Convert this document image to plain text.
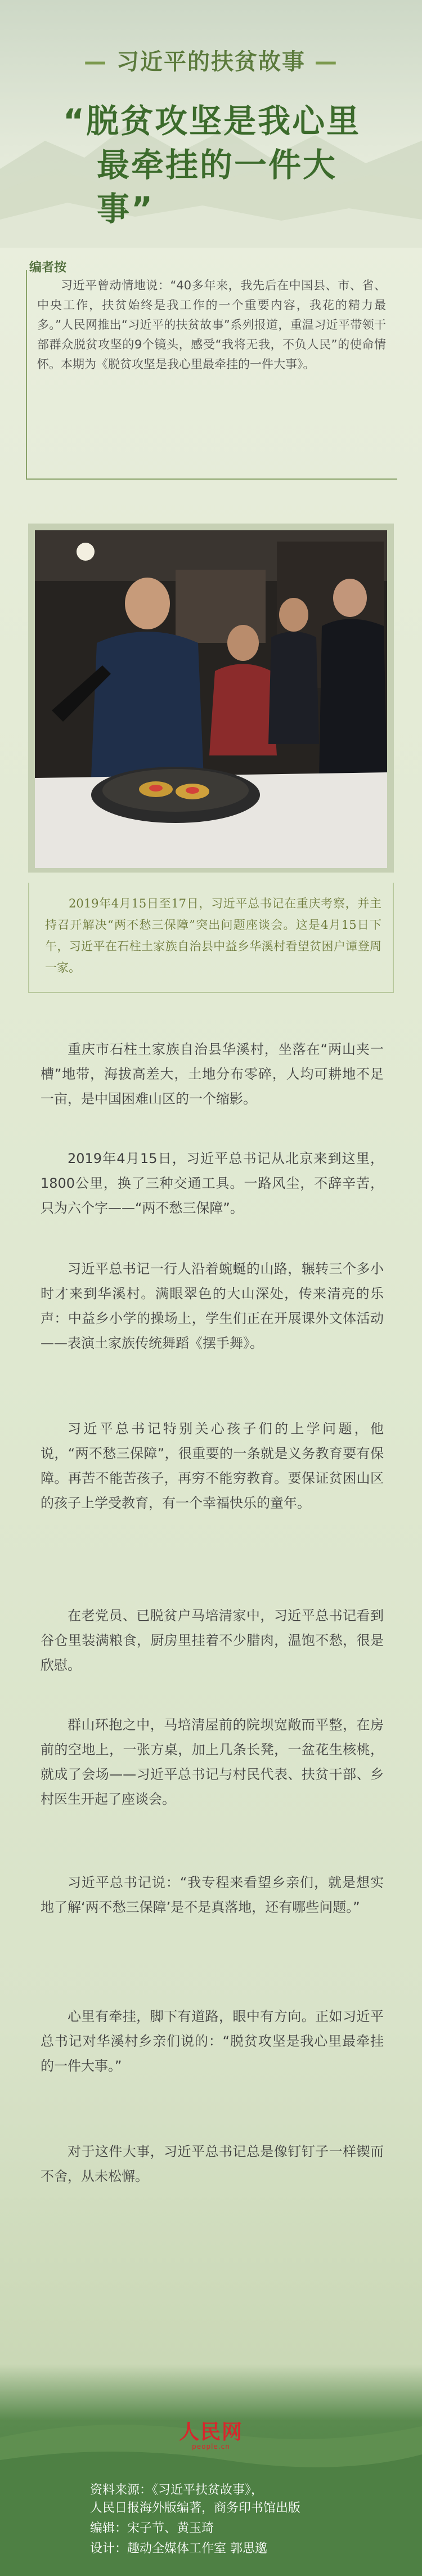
— 习近平的扶贫故事 —
“脱贫攻坚是我心里
最牵挂的一件大事”
编者按
习近平曾动情地说：“40多年来，我先后在中国县、市、省、中央工作，扶贫始终是我工作的一个重要内容，我花的精力最多。”人民网推出“习近平的扶贫故事”系列报道，重温习近平带领干部群众脱贫攻坚的9个镜头，感受“我将无我，不负人民”的使命情怀。本期为《脱贫攻坚是我心里最牵挂的一件大事》。
2019年4月15日至17日，习近平总书记在重庆考察，并主持召开解决“两不愁三保障”突出问题座谈会。这是4月15日下午，习近平在石柱土家族自治县中益乡华溪村看望贫困户谭登周一家。
重庆市石柱土家族自治县华溪村，坐落在“两山夹一槽”地带，海拔高差大，土地分布零碎，人均可耕地不足一亩，是中国困难山区的一个缩影。
2019年4月15日，习近平总书记从北京来到这里，1800公里，换了三种交通工具。一路风尘，不辞辛苦，只为六个字——“两不愁三保障”。
习近平总书记一行人沿着蜿蜒的山路，辗转三个多小时才来到华溪村。满眼翠色的大山深处，传来清亮的乐声：中益乡小学的操场上，学生们正在开展课外文体活动——表演土家族传统舞蹈《摆手舞》。
习近平总书记特别关心孩子们的上学问题，他说，“两不愁三保障”，很重要的一条就是义务教育要有保障。再苦不能苦孩子，再穷不能穷教育。要保证贫困山区的孩子上学受教育，有一个幸福快乐的童年。
在老党员、已脱贫户马培清家中，习近平总书记看到谷仓里装满粮食，厨房里挂着不少腊肉，温饱不愁，很是欣慰。
群山环抱之中，马培清屋前的院坝宽敞而平整，在房前的空地上，一张方桌，加上几条长凳，一盆花生核桃，就成了会场——习近平总书记与村民代表、扶贫干部、乡村医生开起了座谈会。
习近平总书记说：“我专程来看望乡亲们，就是想实地了解‘两不愁三保障’是不是真落地，还有哪些问题。”
心里有牵挂，脚下有道路，眼中有方向。正如习近平总书记对华溪村乡亲们说的：“脱贫攻坚是我心里最牵挂的一件大事。”
对于这件大事，习近平总书记总是像钉钉子一样锲而不舍，从未松懈。
人民网
people.cn
资料来源：《习近平扶贫故事》，
人民日报海外版编著，商务印书馆出版
编辑：宋子节、黄玉琦
设计：趣动全媒体工作室 郭思邈
